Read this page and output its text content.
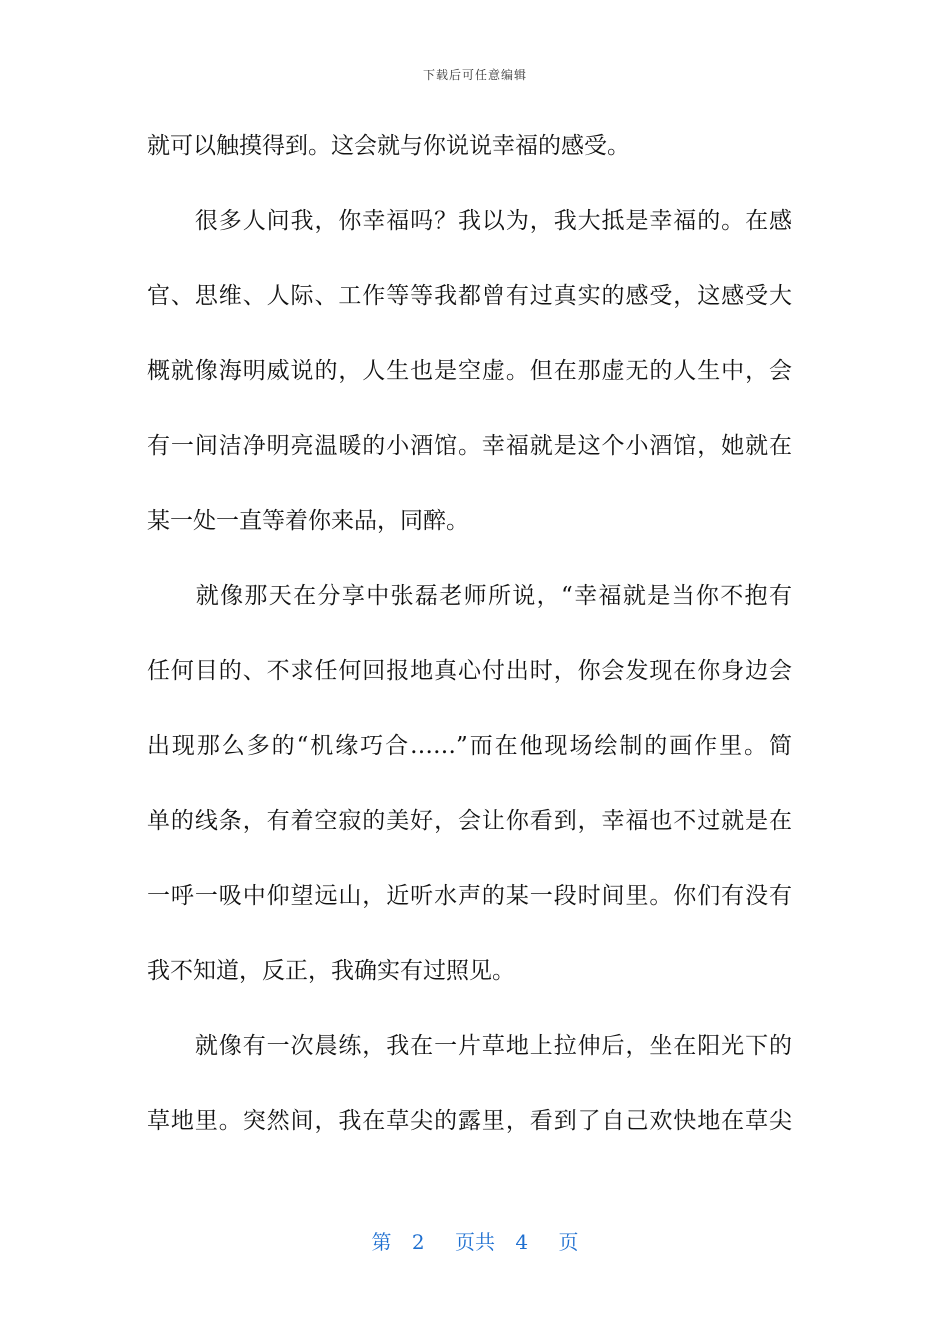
下载后可任意编辑
就可以触摸得到。这会就与你说说幸福的感受。
　　很多人问我，你幸福吗？我以为，我大抵是幸福的。在感
官、思维、人际、工作等等我都曾有过真实的感受，这感受大
概就像海明威说的，人生也是空虚。但在那虚无的人生中，会
有一间洁净明亮温暖的小酒馆。幸福就是这个小酒馆，她就在
某一处一直等着你来品，同醉。
　　就像那天在分享中张磊老师所说，“幸福就是当你不抱有
任何目的、不求任何回报地真心付出时，你会发现在你身边会
出现那么多的“机缘巧合……”而在他现场绘制的画作里。简
单的线条，有着空寂的美好，会让你看到，幸福也不过就是在
一呼一吸中仰望远山，近听水声的某一段时间里。你们有没有
我不知道，反正，我确实有过照见。
　　就像有一次晨练，我在一片草地上拉伸后，坐在阳光下的
草地里。突然间，我在草尖的露里，看到了自己欢快地在草尖
第 2 页共 4 页
